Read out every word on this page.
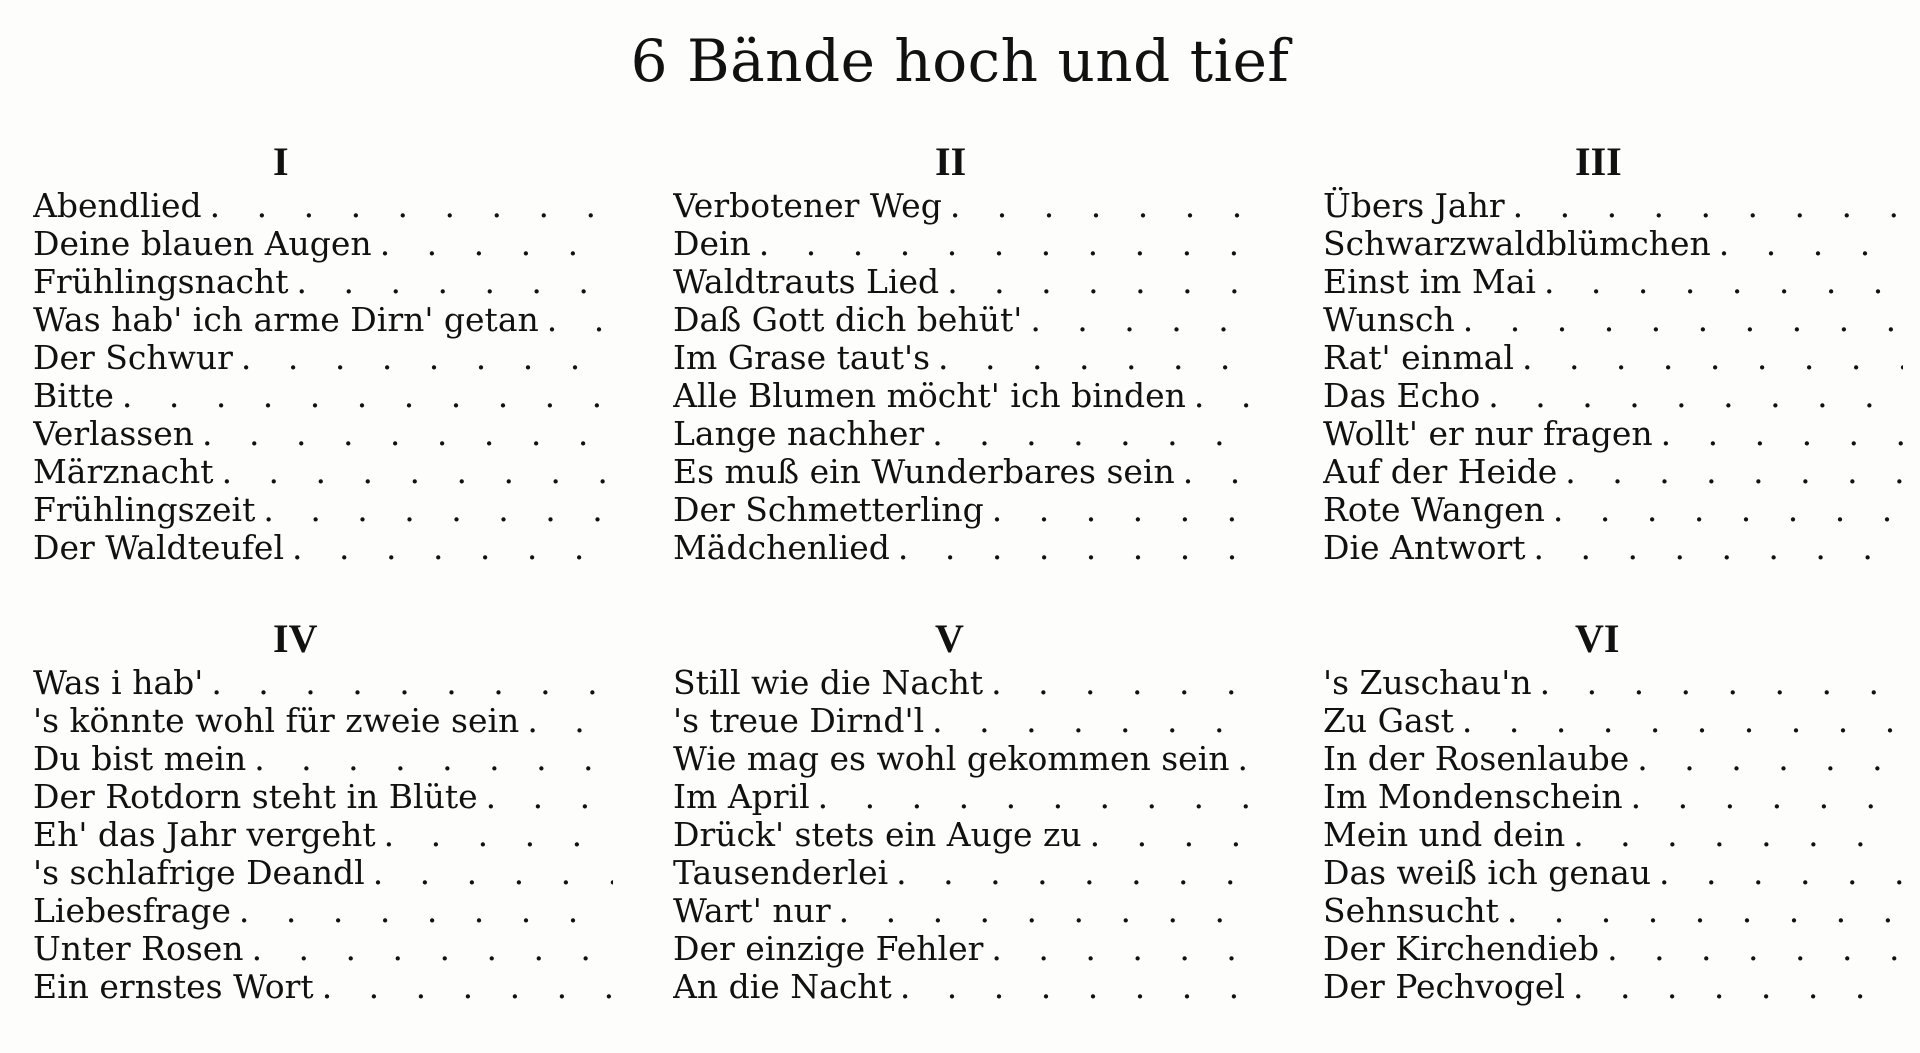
6 Bände hoch und tief
I
Abendlied
. . .
Deine blauen Augen
. . .
Frühlingsnacht
. . .
Was hab' ich arme Dirn' getan
. . .
Der Schwur
. . .
Bitte
. . .
Verlassen
. . .
Märznacht
. . .
Frühlingszeit
. . .
Der Waldteufel
. . .
II
Verbotener Weg
. . .
Dein
. . .
Waldtrauts Lied
. . .
Daß Gott dich behüt'
. . .
Im Grase taut's
. . .
Alle Blumen möcht' ich binden
. . .
Lange nachher
. . .
Es muß ein Wunderbares sein
. . .
Der Schmetterling
. . .
Mädchenlied
. . .
III
Übers Jahr
. . .
Schwarzwaldblümchen
. . .
Einst im Mai
. . .
Wunsch
. . .
Rat' einmal
. . .
Das Echo
. . .
Wollt' er nur fragen
. . .
Auf der Heide
. . .
Rote Wangen
. . .
Die Antwort
. . .
IV
Was i hab'
. . .
's könnte wohl für zweie sein
. . .
Du bist mein
. . .
Der Rotdorn steht in Blüte
. . .
Eh' das Jahr vergeht
. . .
's schlafrige Deandl
. . .
Liebesfrage
. . .
Unter Rosen
. . .
Ein ernstes Wort
. . .
V
Still wie die Nacht
. . .
's treue Dirnd'l
. . .
Wie mag es wohl gekommen sein
. . .
Im April
. . .
Drück' stets ein Auge zu
. . .
Tausenderlei
. . .
Wart' nur
. . .
Der einzige Fehler
. . .
An die Nacht
. . .
VI
's Zuschau'n
. . .
Zu Gast
. . .
In der Rosenlaube
. . .
Im Mondenschein
. . .
Mein und dein
. . .
Das weiß ich genau
. . .
Sehnsucht
. . .
Der Kirchendieb
. . .
Der Pechvogel
. . .
